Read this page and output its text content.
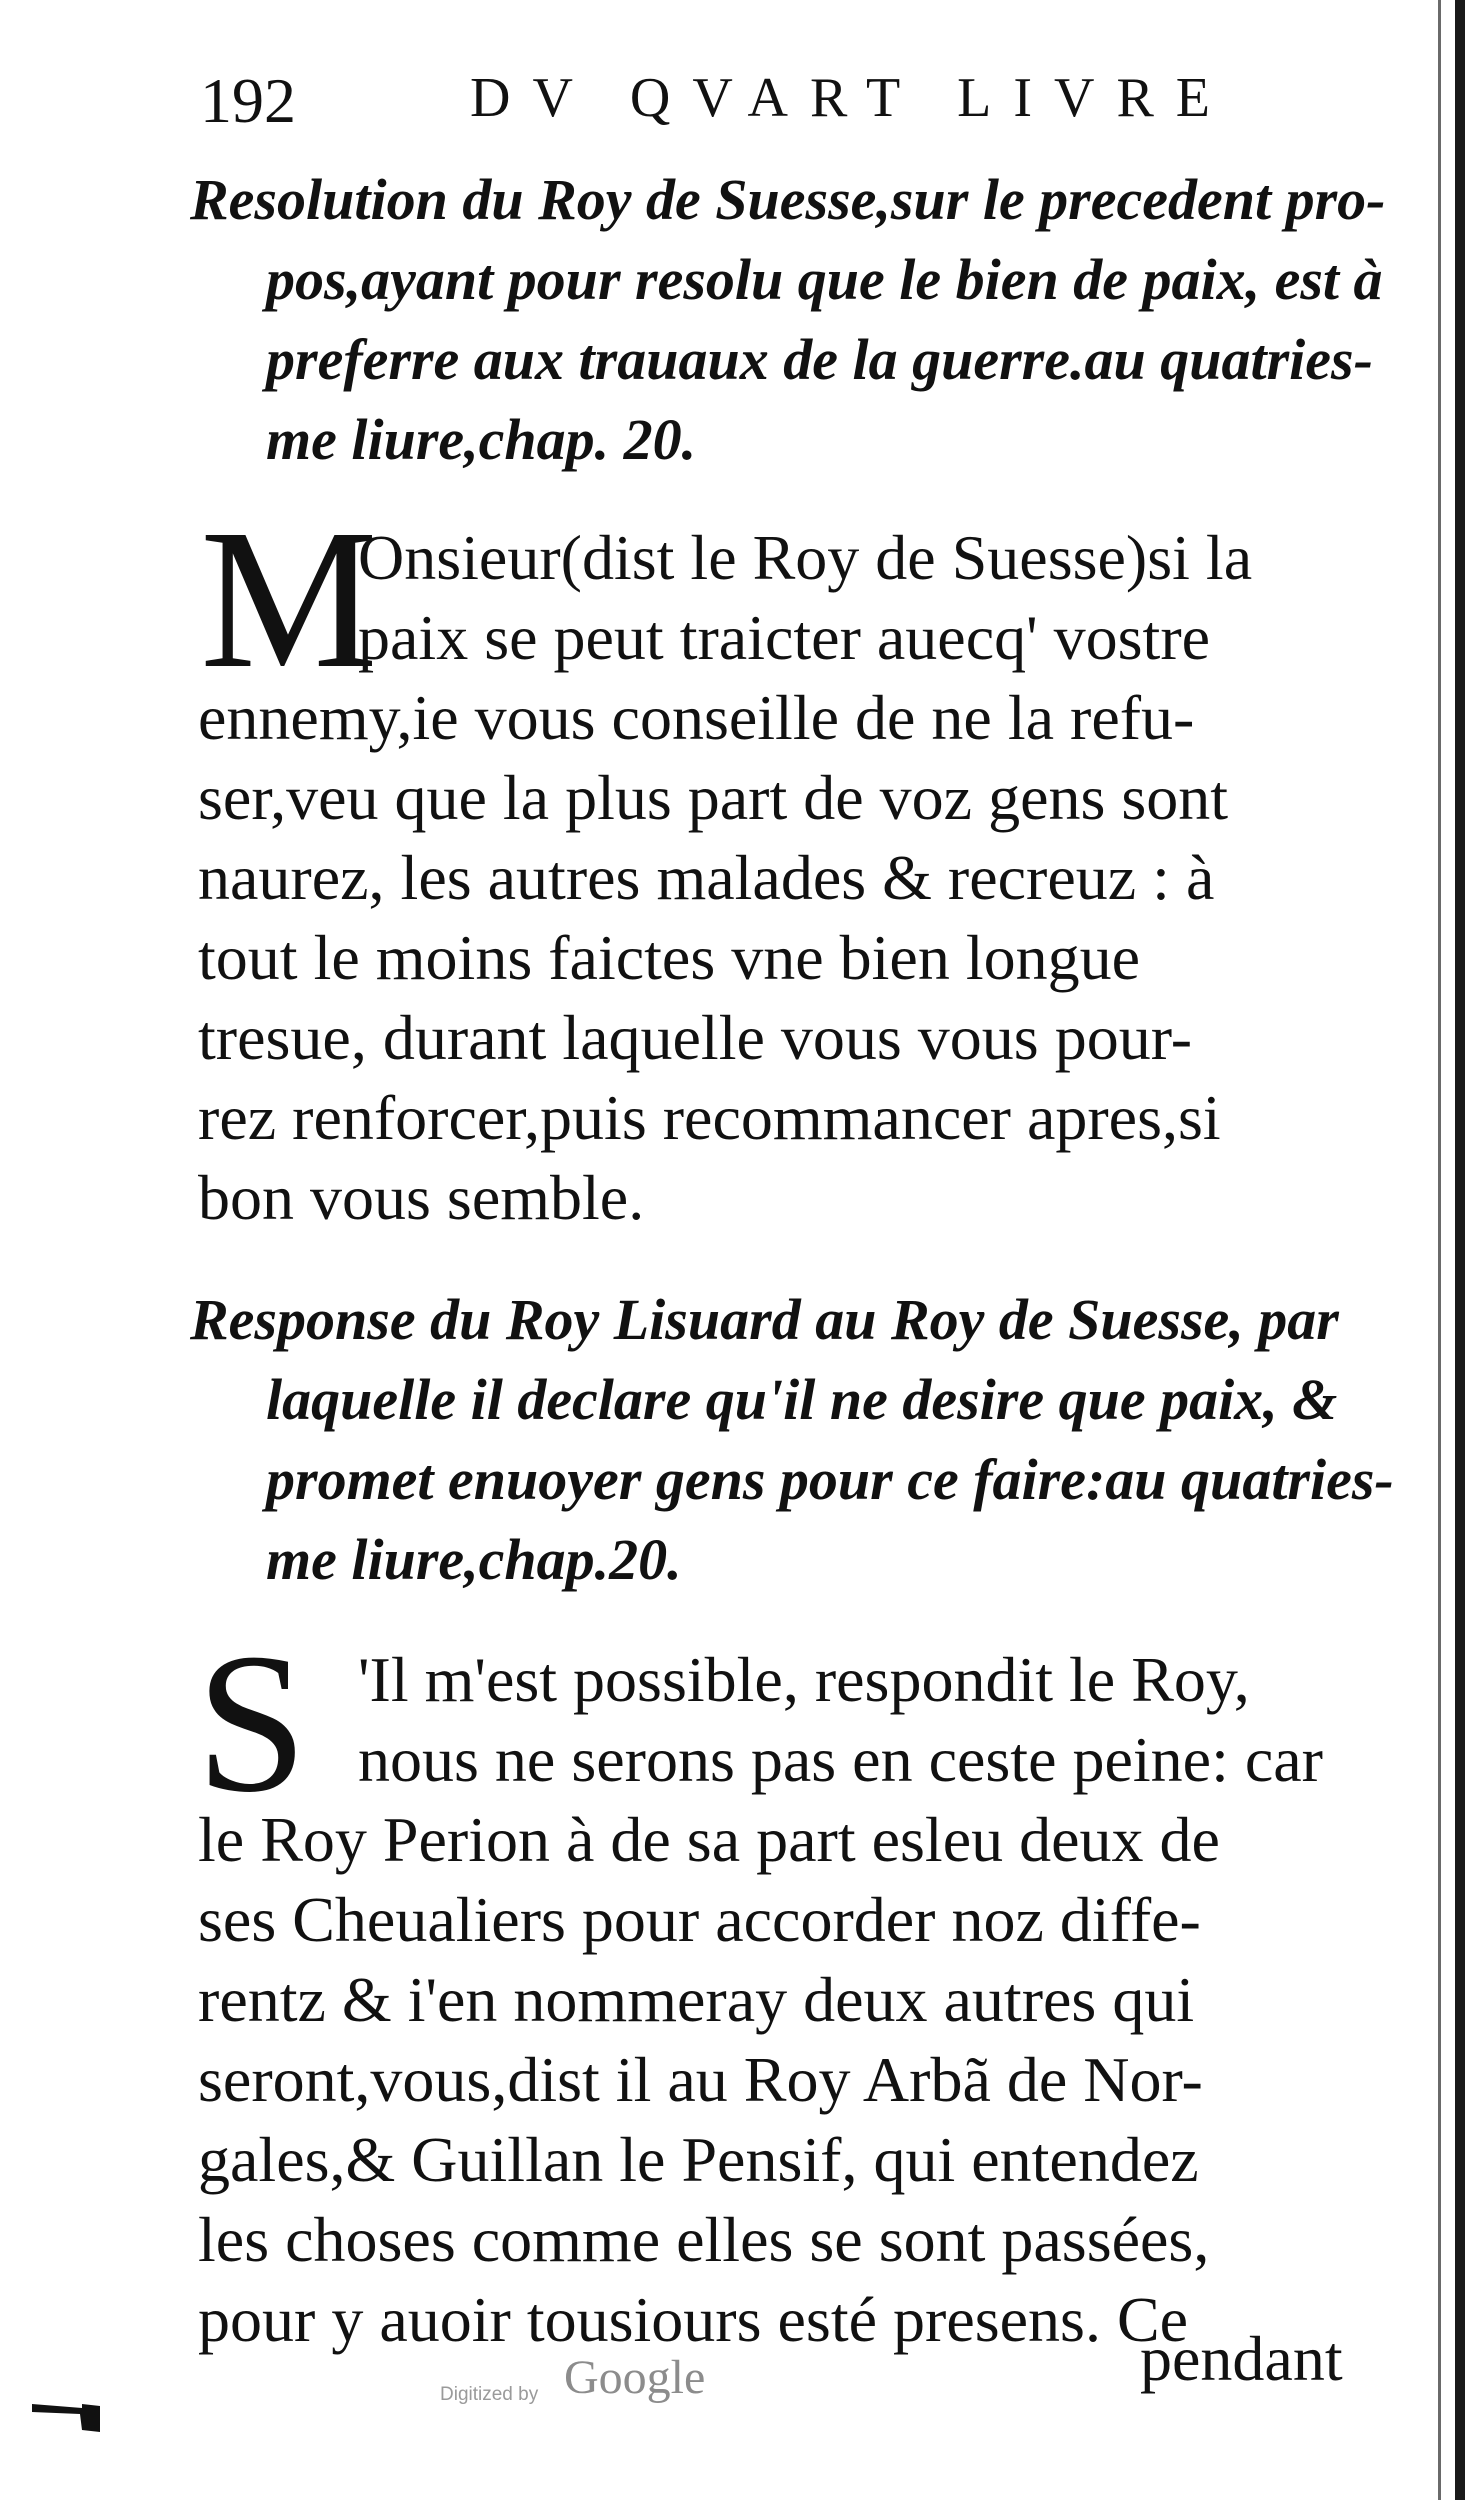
192	DV QVART LIVRE
Resolution du Roy de Suesse,sur le precedent pro-
pos,ayant pour resolu que le bien de paix, est à
preferre aux trauaux de la guerre.au quatries-
me liure,chap. 20.
M
Onsieur(dist le Roy de Suesse)si la
paix se peut traicter auecq' vostre
ennemy,ie vous conseille de ne la refu-
ser,veu que la plus part de voz gens sont
naurez, les autres malades & recreuz : à
tout le moins faictes vne bien longue
tresue, durant laquelle vous vous pour-
rez renforcer,puis recommancer apres,si
bon vous semble.
Response du Roy Lisuard au Roy de Suesse, par
laquelle il declare qu'il ne desire que paix, &
promet enuoyer gens pour ce faire:au quatries-
me liure,chap.20.
S 'Il m'est possible, respondit le Roy,
nous ne serons pas en ceste peine: car
le Roy Perion à de sa part esleu deux de
ses Cheualiers pour accorder noz diffe-
rentz & i'en nommeray deux autres qui
seront,vous,dist il au Roy Arbã de Nor-
gales,& Guillan le Pensif, qui entendez
les choses comme elles se sont passées,
pour y auoir tousiours esté presens. Ce
pendant
Digitized by Google
